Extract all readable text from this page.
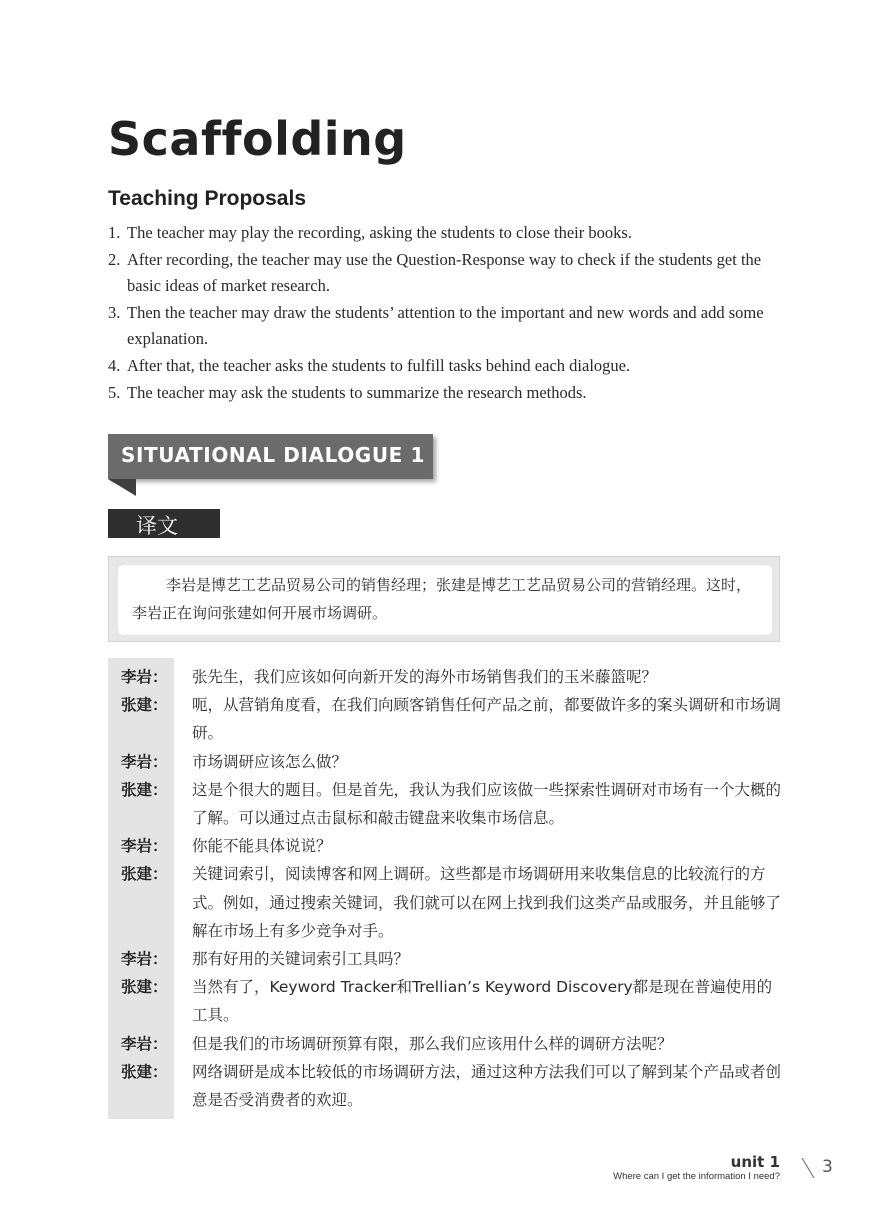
Scaffolding
Teaching Proposals
1. The teacher may play the recording, asking the students to close their books.
2. After recording, the teacher may use the Question-Response way to check if the students get the basic ideas of market research.
3. Then the teacher may draw the students’ attention to the important and new words and add some explanation.
4. After that, the teacher asks the students to fulfill tasks behind each dialogue.
5. The teacher may ask the students to summarize the research methods.
SITUATIONAL DIALOGUE 1
译文
李岩是博艺工艺品贸易公司的销售经理；张建是博艺工艺品贸易公司的营销经理。这时，李岩正在询问张建如何开展市场调研。
李岩：	张先生，我们应该如何向新开发的海外市场销售我们的玉米藤篮呢？
张建：	呃，从营销角度看，在我们向顾客销售任何产品之前，都要做许多的案头调研和市场调研。
李岩：	市场调研应该怎么做？
张建：	这是个很大的题目。但是首先，我认为我们应该做一些探索性调研对市场有一个大概的了解。可以通过点击鼠标和敲击键盘来收集市场信息。
李岩：	你能不能具体说说？
张建：	关键词索引，阅读博客和网上调研。这些都是市场调研用来收集信息的比较流行的方式。例如，通过搜索关键词，我们就可以在网上找到我们这类产品或服务，并且能够了解在市场上有多少竞争对手。
李岩：	那有好用的关键词索引工具吗？
张建：	当然有了，Keyword Tracker和Trellian’s Keyword Discovery都是现在普遍使用的工具。
李岩：	但是我们的市场调研预算有限，那么我们应该用什么样的调研方法呢？
张建：	网络调研是成本比较低的市场调研方法，通过这种方法我们可以了解到某个产品或者创意是否受消费者的欢迎。
unit 1
Where can I get the information I need? 3
